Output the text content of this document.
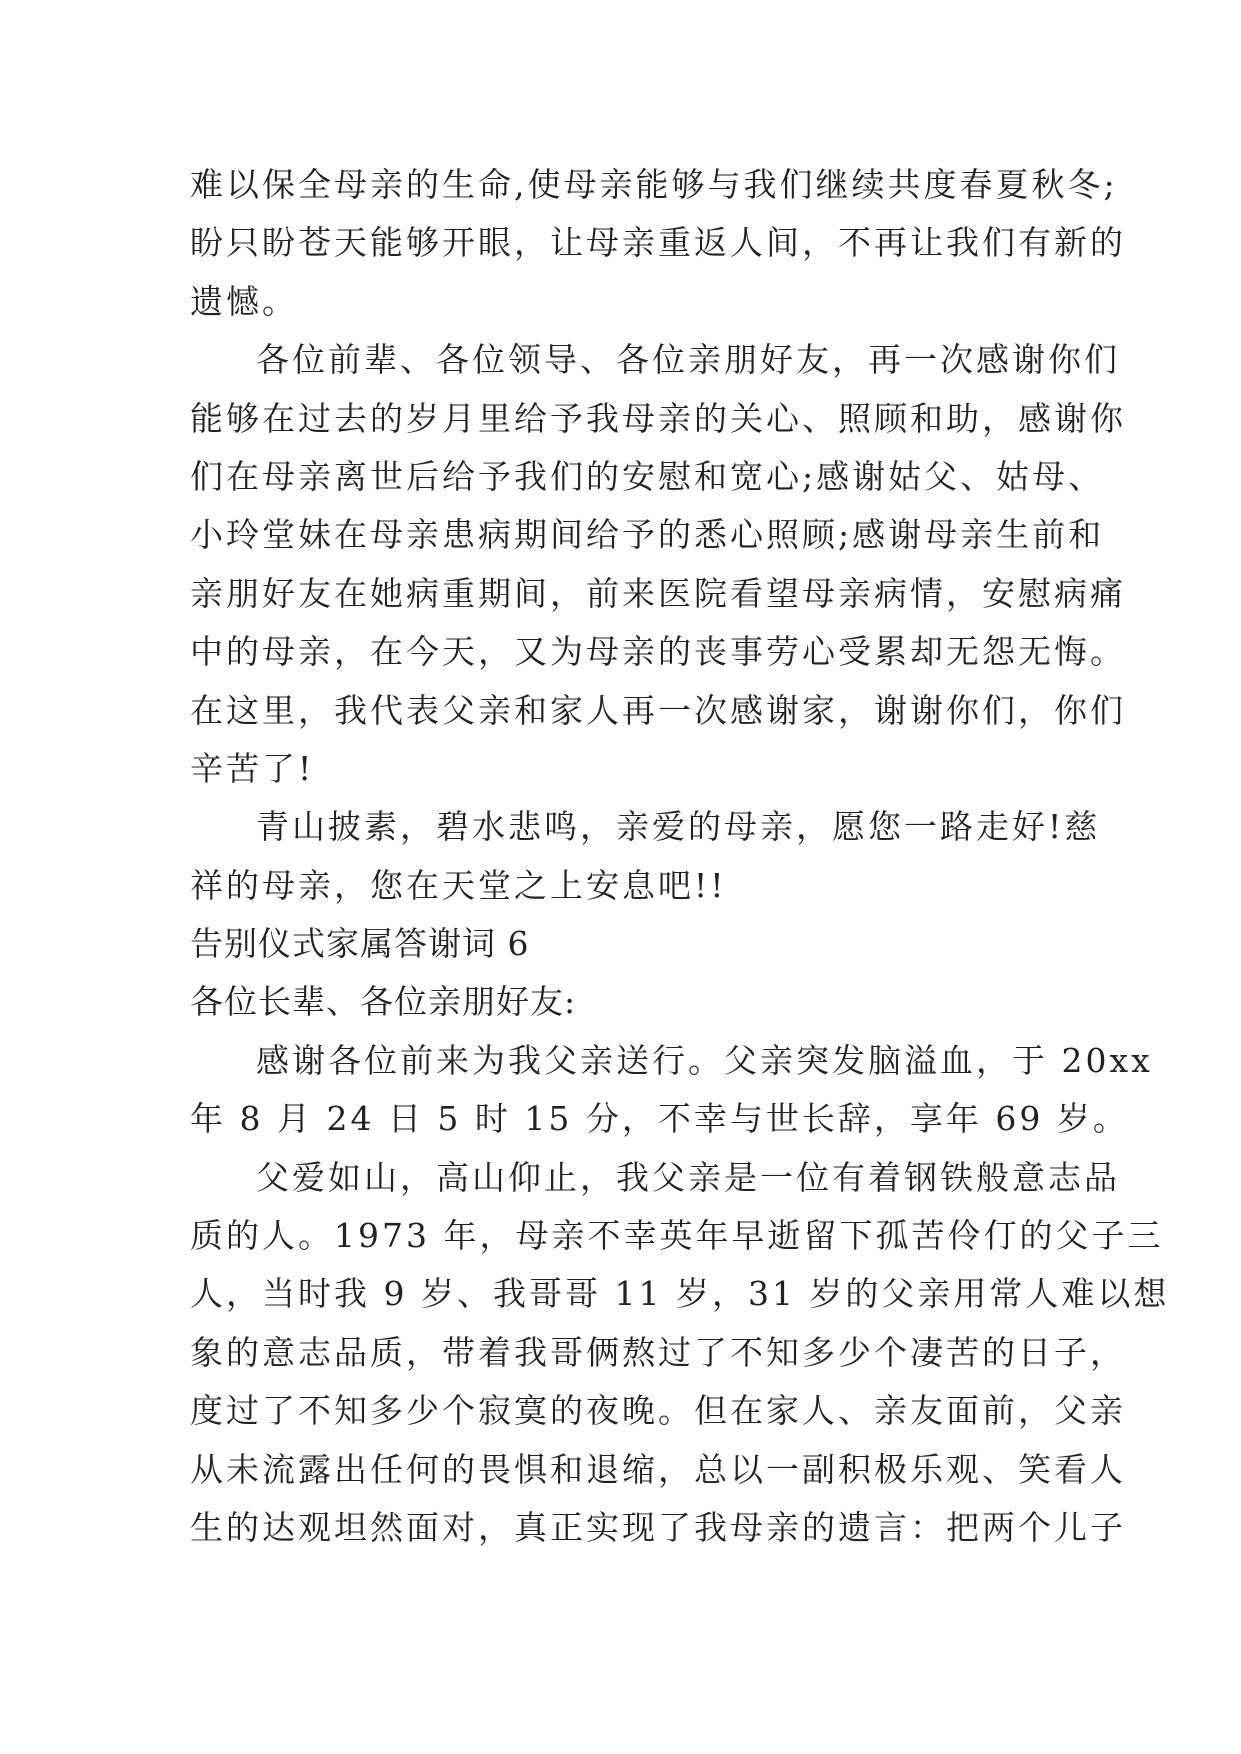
难以保全母亲的生命,使母亲能够与我们继续共度春夏秋冬;
盼只盼苍天能够开眼，让母亲重返人间，不再让我们有新的
遗憾。
各位前辈、各位领导、各位亲朋好友，再一次感谢你们
能够在过去的岁月里给予我母亲的关心、照顾和助，感谢你
们在母亲离世后给予我们的安慰和宽心;感谢姑父、姑母、
小玲堂妹在母亲患病期间给予的悉心照顾;感谢母亲生前和
亲朋好友在她病重期间，前来医院看望母亲病情，安慰病痛
中的母亲，在今天，又为母亲的丧事劳心受累却无怨无悔。
在这里，我代表父亲和家人再一次感谢家，谢谢你们，你们
辛苦了!
青山披素，碧水悲鸣，亲爱的母亲，愿您一路走好!慈
祥的母亲，您在天堂之上安息吧!!
告别仪式家属答谢词 6
各位长辈、各位亲朋好友:
感谢各位前来为我父亲送行。父亲突发脑溢血，于 20xx
年 8 月 24 日 5 时 15 分，不幸与世长辞，享年 69 岁。
父爱如山，高山仰止，我父亲是一位有着钢铁般意志品
质的人。1973 年，母亲不幸英年早逝留下孤苦伶仃的父子三
人，当时我 9 岁、我哥哥 11 岁，31 岁的父亲用常人难以想
象的意志品质，带着我哥俩熬过了不知多少个凄苦的日子，
度过了不知多少个寂寞的夜晚。但在家人、亲友面前，父亲
从未流露出任何的畏惧和退缩，总以一副积极乐观、笑看人
生的达观坦然面对，真正实现了我母亲的遗言：把两个儿子
